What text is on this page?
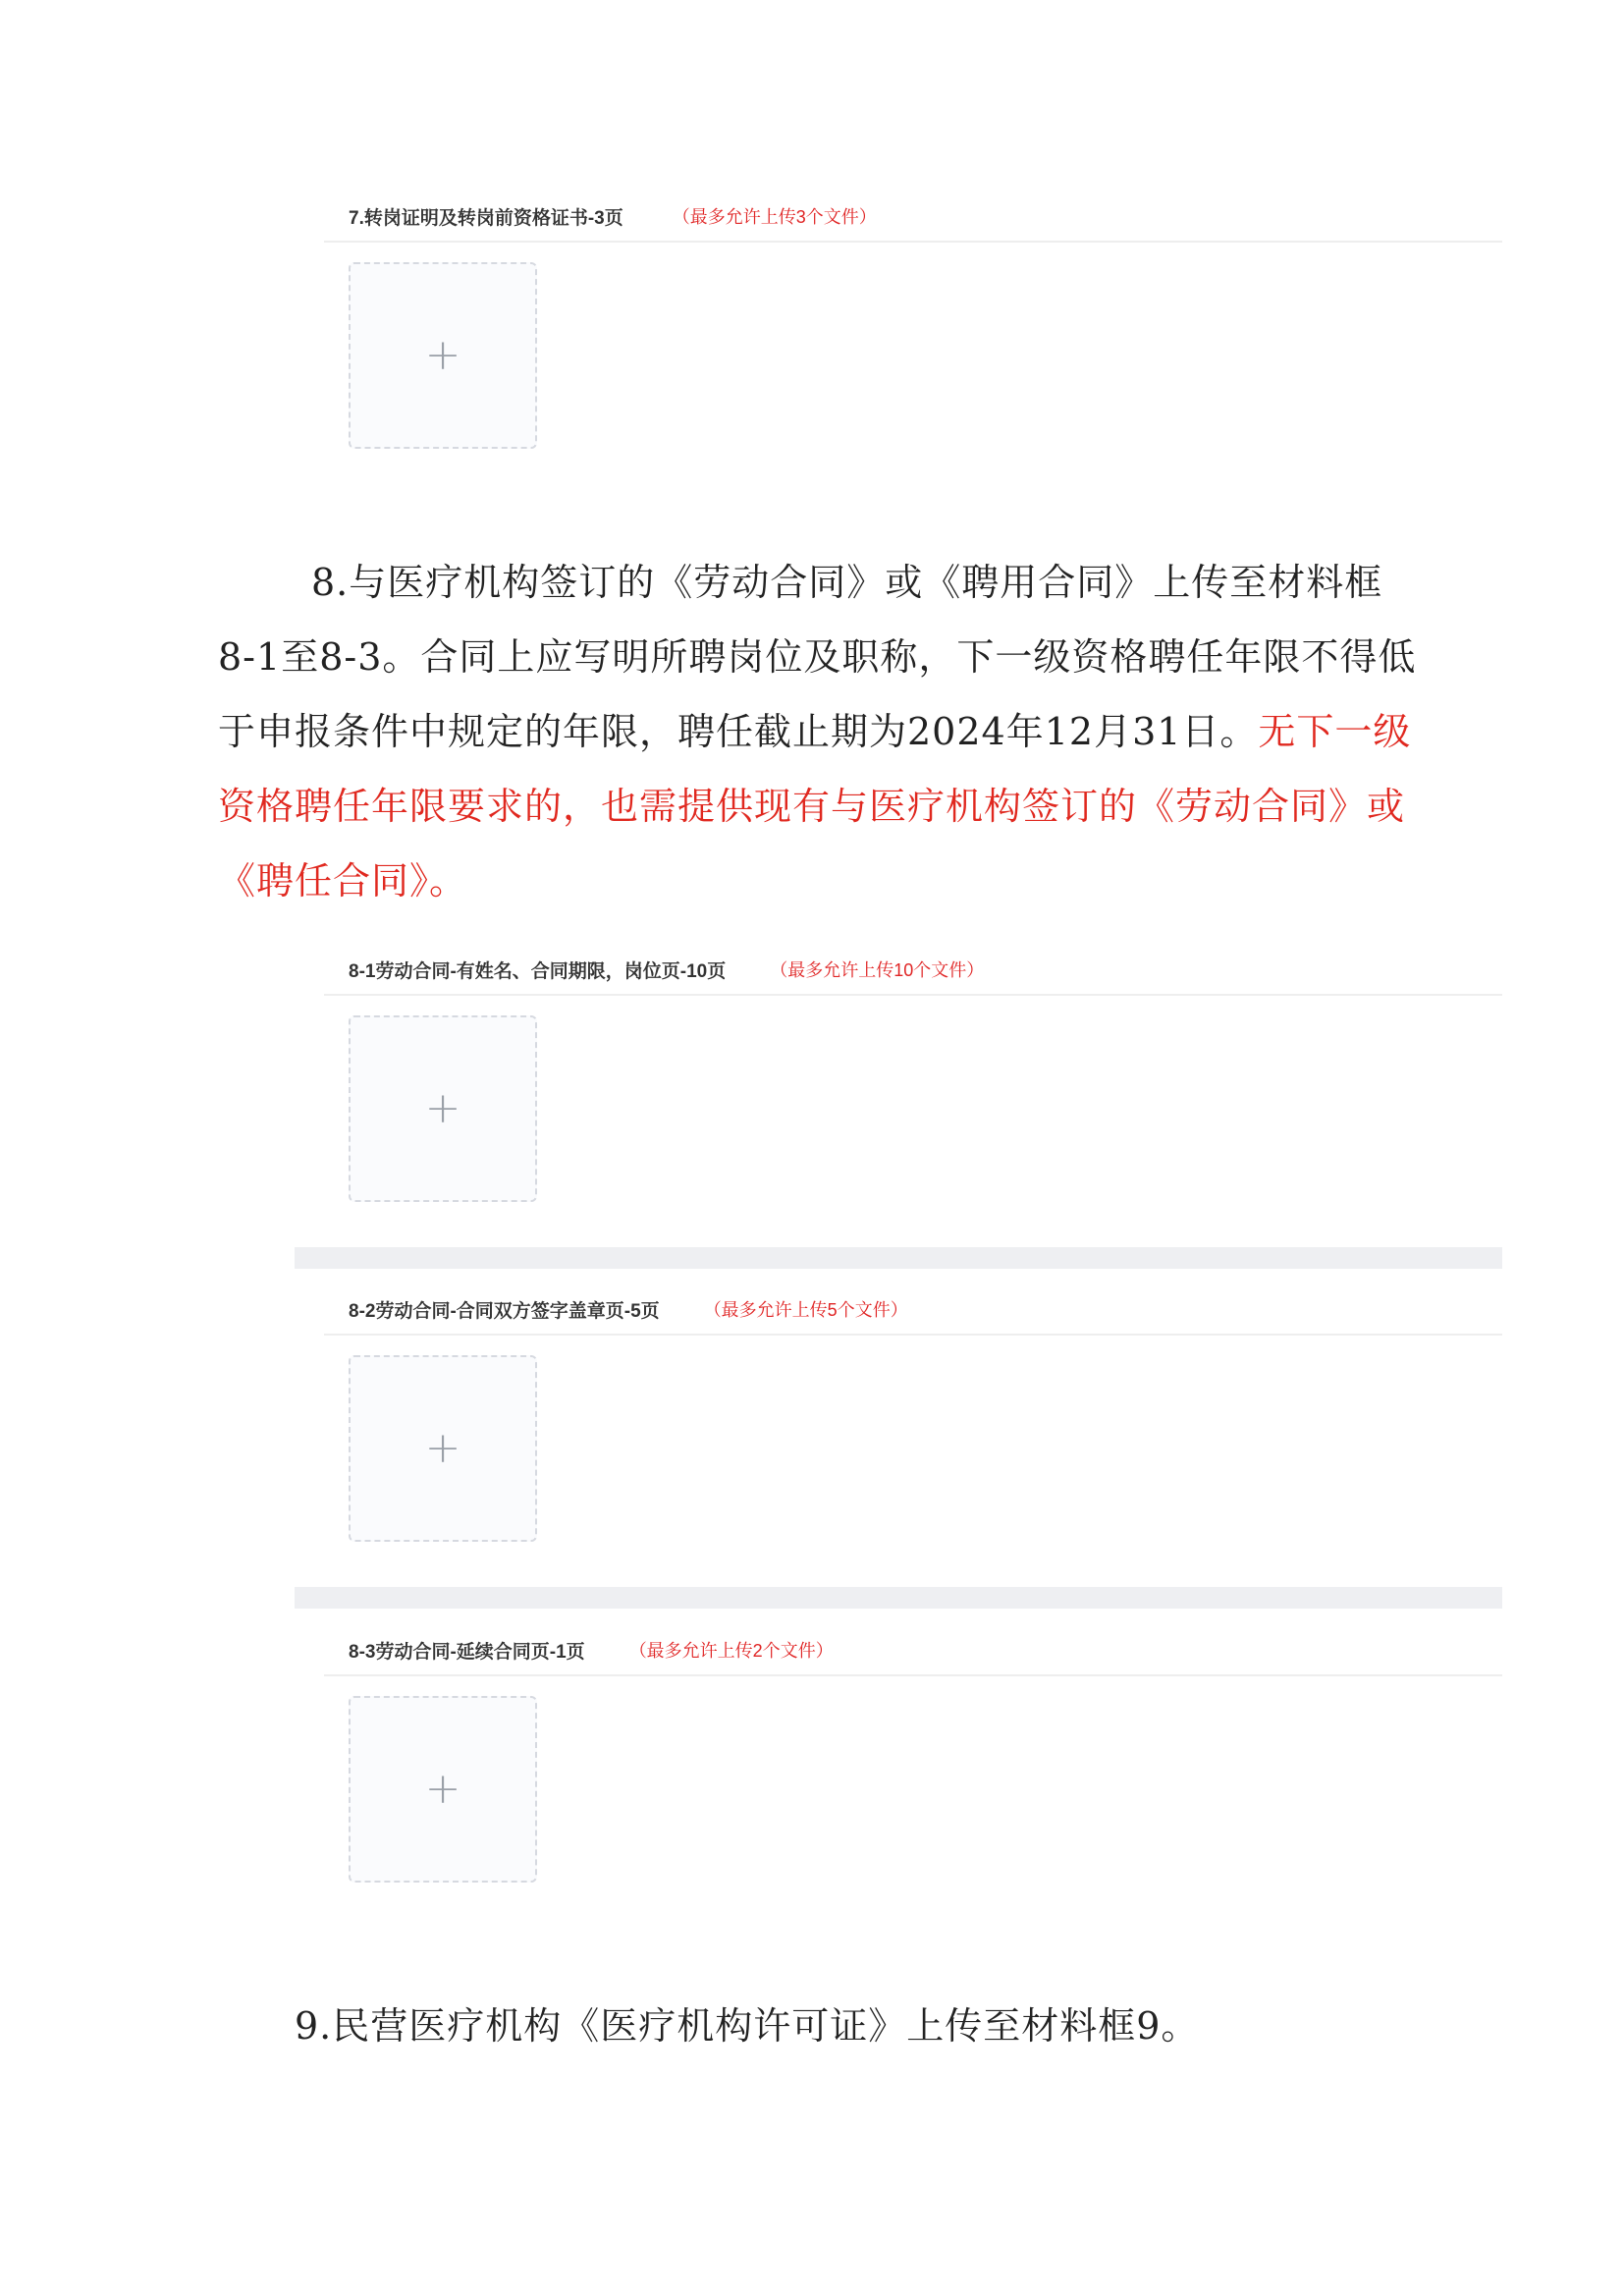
7.转岗证明及转岗前资格证书-3页	（最多允许上传3个文件）
+
8.与医疗机构签订的《劳动合同》或《聘用合同》上传至材料框
8-1至8-3。合同上应写明所聘岗位及职称，下一级资格聘任年限不得低
于申报条件中规定的年限，聘任截止期为2024年12月31日。无下一级
资格聘任年限要求的，也需提供现有与医疗机构签订的《劳动合同》或
《聘任合同》。
8-1劳动合同-有姓名、合同期限，岗位页-10页	（最多允许上传10个文件）
+
8-2劳动合同-合同双方签字盖章页-5页	（最多允许上传5个文件）
+
8-3劳动合同-延续合同页-1页	（最多允许上传2个文件）
+
9.民营医疗机构《医疗机构许可证》上传至材料框9。
